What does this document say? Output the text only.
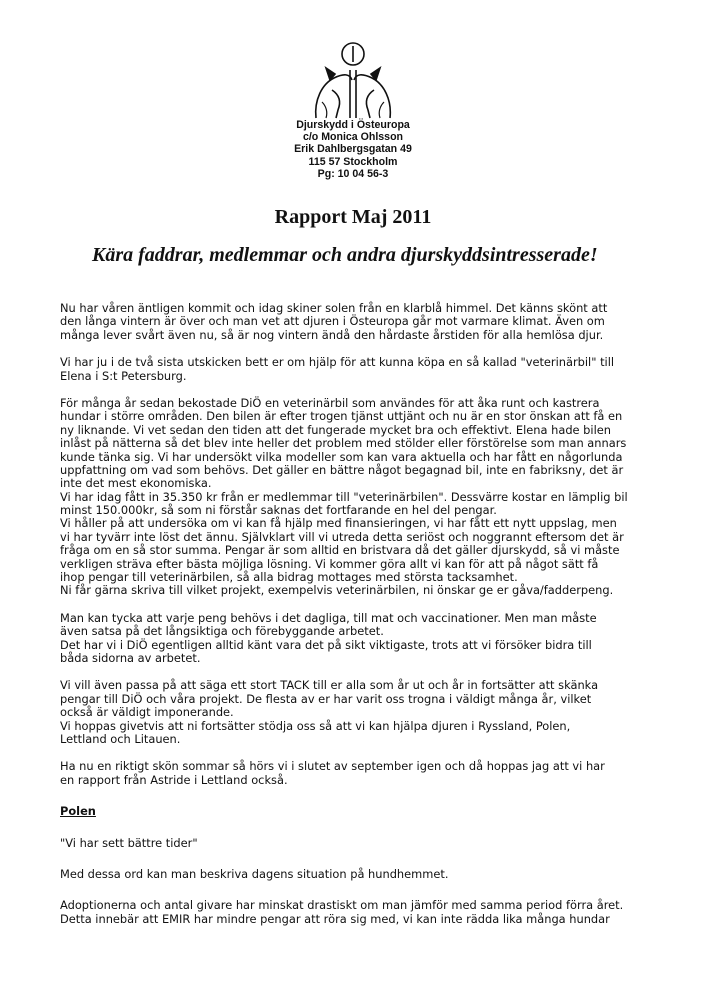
Djurskydd i Östeuropa
c/o Monica Ohlsson
Erik Dahlbergsgatan 49
115 57 Stockholm
Pg: 10 04 56-3
Rapport Maj 2011
Kära faddrar, medlemmar och andra djurskyddsintresserade!
Nu har våren äntligen kommit och idag skiner solen från en klarblå himmel. Det känns skönt att
den långa vintern är över och man vet att djuren i Östeuropa går mot varmare klimat. Även om
många lever svårt även nu, så är nog vintern ändå den hårdaste årstiden för alla hemlösa djur.
Vi har ju i de två sista utskicken bett er om hjälp för att kunna köpa en så kallad "veterinärbil" till
Elena i S:t Petersburg.
För många år sedan bekostade DiÖ en veterinärbil som användes för att åka runt och kastrera
hundar i större områden. Den bilen är efter trogen tjänst uttjänt och nu är en stor önskan att få en
ny liknande. Vi vet sedan den tiden att det fungerade mycket bra och effektivt. Elena hade bilen
inlåst på nätterna så det blev inte heller det problem med stölder eller förstörelse som man annars
kunde tänka sig. Vi har undersökt vilka modeller som kan vara aktuella och har fått en någorlunda
uppfattning om vad som behövs. Det gäller en bättre något begagnad bil, inte en fabriksny, det är
inte det mest ekonomiska.
Vi har idag fått in 35.350 kr från er medlemmar till "veterinärbilen". Dessvärre kostar en lämplig bil
minst 150.000kr, så som ni förstår saknas det fortfarande en hel del pengar.
Vi håller på att undersöka om vi kan få hjälp med finansieringen, vi har fått ett nytt uppslag, men
vi har tyvärr inte löst det ännu. Självklart vill vi utreda detta seriöst och noggrannt eftersom det är
fråga om en så stor summa. Pengar är som alltid en bristvara då det gäller djurskydd, så vi måste
verkligen sträva efter bästa möjliga lösning. Vi kommer göra allt vi kan för att på något sätt få
ihop pengar till veterinärbilen, så alla bidrag mottages med största tacksamhet.
Ni får gärna skriva till vilket projekt, exempelvis veterinärbilen, ni önskar ge er gåva/fadderpeng.
Man kan tycka att varje peng behövs i det dagliga, till mat och vaccinationer. Men man måste
även satsa på det långsiktiga och förebyggande arbetet.
Det har vi i DiÖ egentligen alltid känt vara det på sikt viktigaste, trots att vi försöker bidra till
båda sidorna av arbetet.
Vi vill även passa på att säga ett stort TACK till er alla som år ut och år in fortsätter att skänka
pengar till DiÖ och våra projekt. De flesta av er har varit oss trogna i väldigt många år, vilket
också är väldigt imponerande.
Vi hoppas givetvis att ni fortsätter stödja oss så att vi kan hjälpa djuren i Ryssland, Polen,
Lettland och Litauen.
Ha nu en riktigt skön sommar så hörs vi i slutet av september igen och då hoppas jag att vi har
en rapport från Astride i Lettland också.
Polen
"Vi har sett bättre tider"
Med dessa ord kan man beskriva dagens situation på hundhemmet.
Adoptionerna och antal givare har minskat drastiskt om man jämför med samma period förra året.
Detta innebär att EMIR har mindre pengar att röra sig med, vi kan inte rädda lika många hundar
